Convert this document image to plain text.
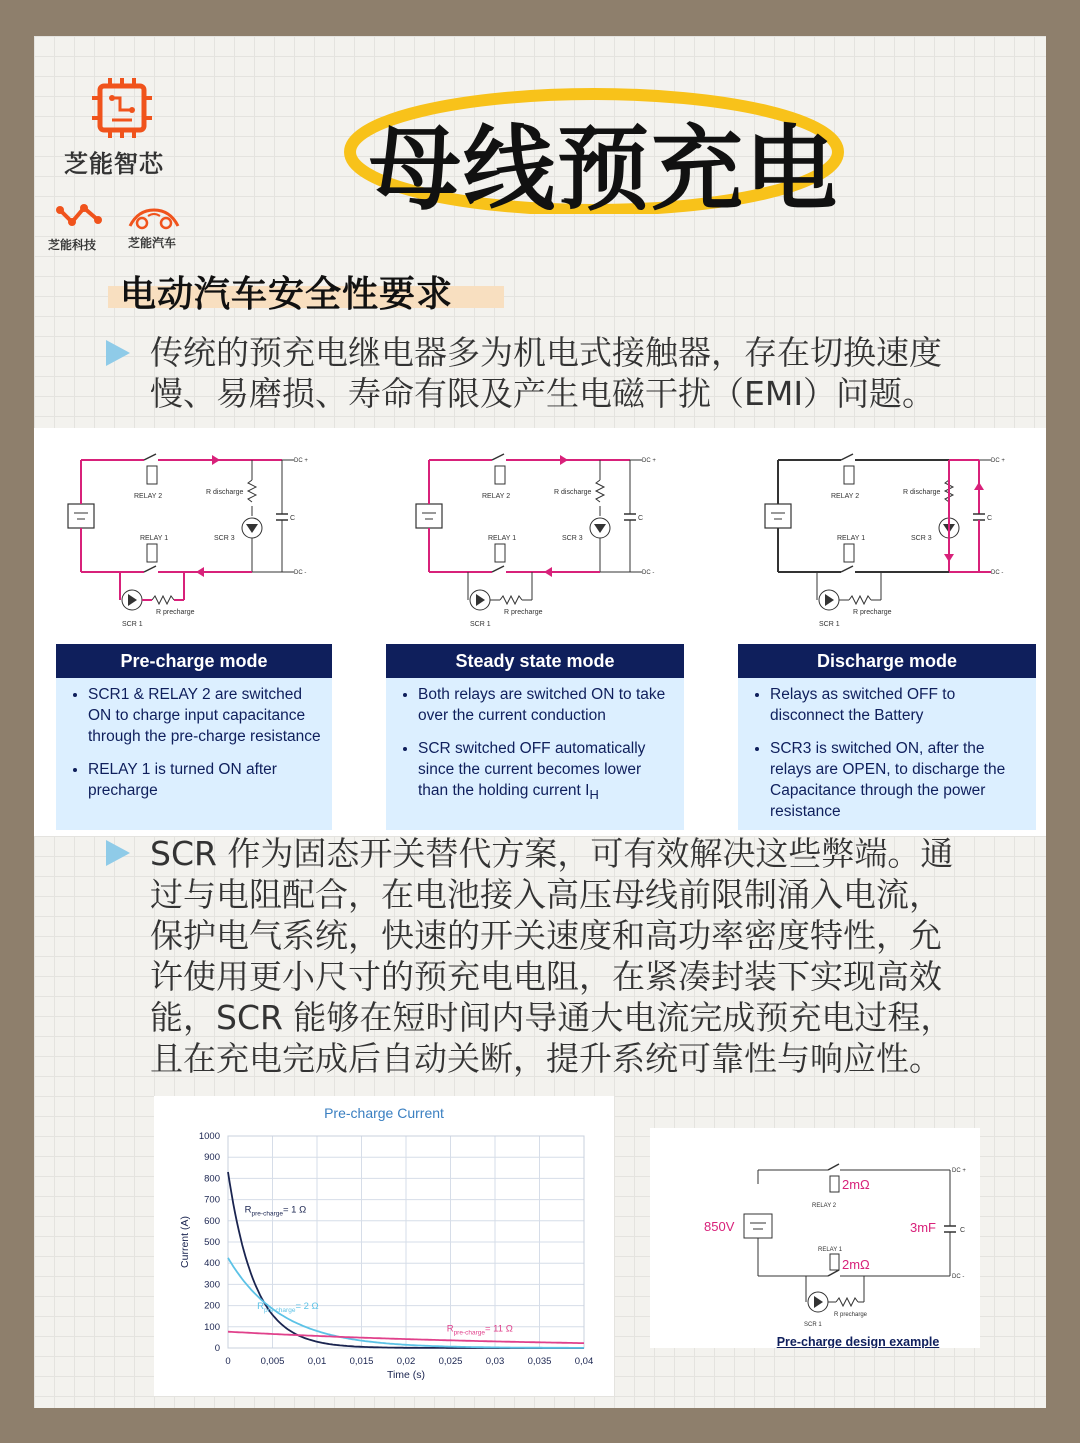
芝能智芯
芝能科技	芝能汽车
母线预充电
电动汽车安全性要求
传统的预充电继电器多为机电式接触器，存在切换速度
慢、易磨损、寿命有限及产生电磁干扰（EMI）问题。
RELAY 2
R discharge
SCR 3
C
DC +
DC -
RELAY 1
R precharge
SCR 1
RELAY 2
R discharge
SCR 3
C
DC +
DC -
RELAY 1
R precharge
SCR 1
RELAY 2
R discharge
SCR 3
C
DC +
DC -
RELAY 1
R precharge
SCR 1
Pre-charge mode
• SCR1 & RELAY 2 are switched ON to charge input capacitance through the pre-charge resistance
• RELAY 1 is turned ON after precharge
Steady state mode
• Both relays are switched ON to take over the current conduction
• SCR switched OFF automatically since the current becomes lower than the holding current $I_H$
Discharge mode
• Relays as switched OFF to disconnect the Battery
• SCR3 is switched ON, after the relays are OPEN, to discharge the Capacitance through the power resistance
SCR 作为固态开关替代方案，可有效解决这些弊端。通
过与电阻配合，在电池接入高压母线前限制涌入电流，
保护电气系统，快速的开关速度和高功率密度特性，允
许使用更小尺寸的预充电电阻，在紧凑封装下实现高效
能，SCR 能够在短时间内导通大电流完成预充电过程，
且在充电完成后自动关断，提升系统可靠性与响应性。
Pre-charge Current
0
100
200
300
400
500
600
700
800
900
1000
0	0,005 0,01 0,015 0,02 0,025 0,03 0,035 0,04
Time (s)
Current (A)
$R_{pre-charge}= 1$ Ω
$R_{pre-charge}= 2$ Ω
$R_{pre-charge}= 11$ Ω
2mΩ
RELAY 2
850V	3mF	C
DC +
DC -
2mΩ
RELAY 1
R precharge
SCR 1
Pre-charge design example
